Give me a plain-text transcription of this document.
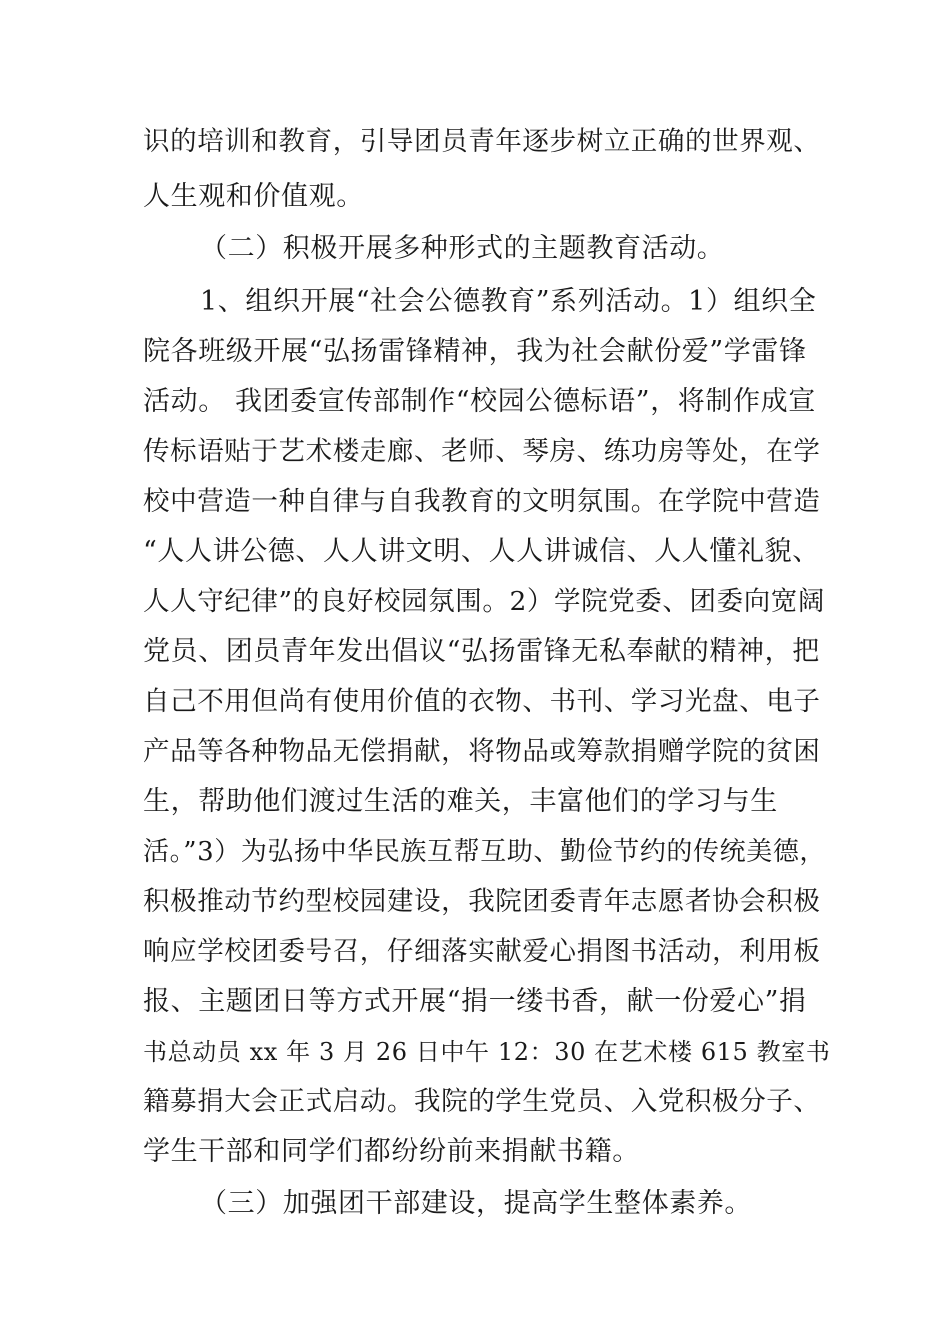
识的培训和教育，引导团员青年逐步树立正确的世界观、

人生观和价值观。

（二）积极开展多种形式的主题教育活动。

1、组织开展“社会公德教育”系列活动。1）组织全

院各班级开展“弘扬雷锋精神，我为社会献份爱”学雷锋

活动。 我团委宣传部制作“校园公德标语”，将制作成宣

传标语贴于艺术楼走廊、老师、琴房、练功房等处，在学

校中营造一种自律与自我教育的文明氛围。在学院中营造

“人人讲公德、人人讲文明、人人讲诚信、人人懂礼貌、

人人守纪律”的良好校园氛围。2）学院党委、团委向宽阔

党员、团员青年发出倡议“弘扬雷锋无私奉献的精神，把

自己不用但尚有使用价值的衣物、书刊、学习光盘、电子

产品等各种物品无偿捐献，将物品或筹款捐赠学院的贫困

生，帮助他们渡过生活的难关，丰富他们的学习与生

活。”3）为弘扬中华民族互帮互助、勤俭节约的传统美德，

积极推动节约型校园建设，我院团委青年志愿者协会积极

响应学校团委号召，仔细落实献爱心捐图书活动，利用板

报、主题团日等方式开展“捐一缕书香，献一份爱心”捐

书总动员 xx 年 3 月 26 日中午 12：30 在艺术楼 615 教室书

籍募捐大会正式启动。我院的学生党员、入党积极分子、

学生干部和同学们都纷纷前来捐献书籍。

（三）加强团干部建设，提高学生整体素养。
